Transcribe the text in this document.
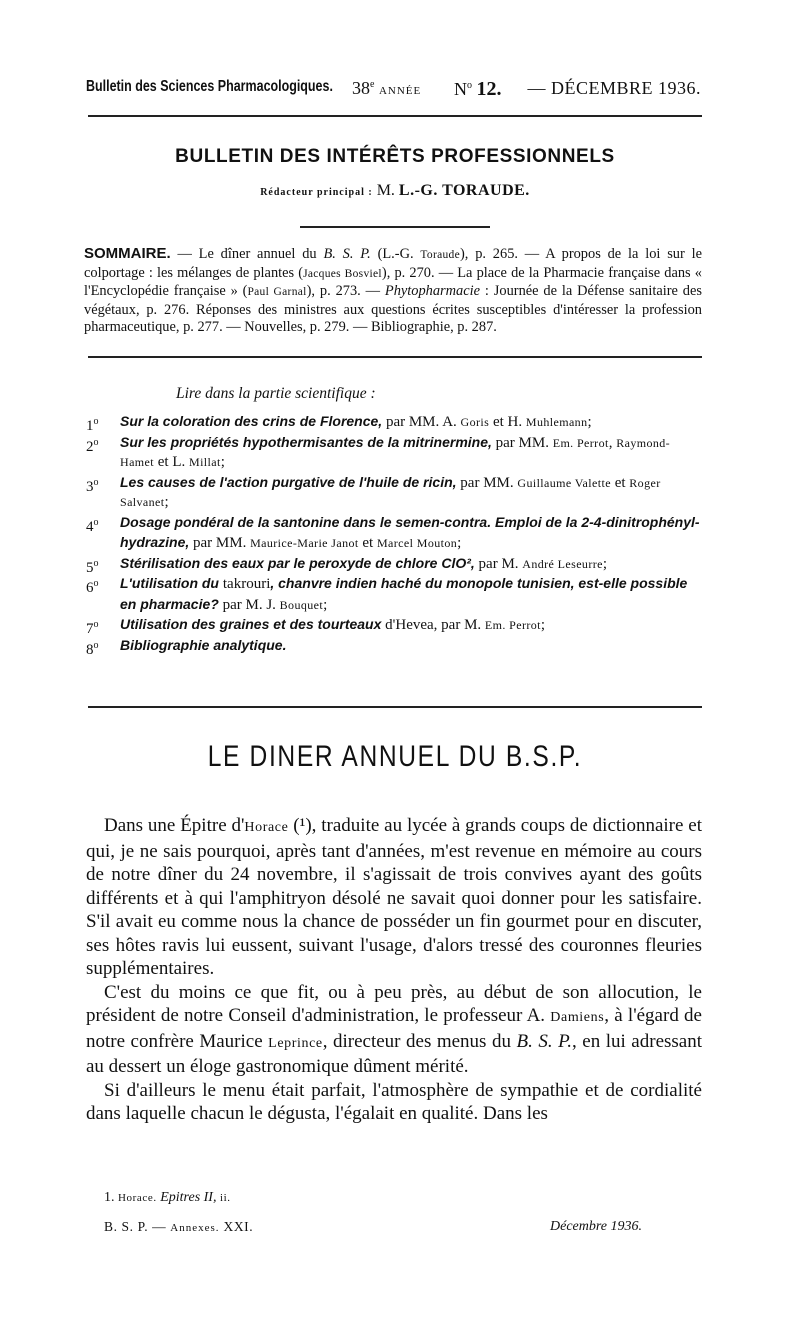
Bulletin des Sciences Pharmacologiques. 38e ANNÉE $N^o$ 12. — DÉCEMBRE 1936.
BULLETIN DES INTÉRÊTS PROFESSIONNELS
Rédacteur principal : M. L.-G. TORAUDE.
SOMMAIRE. — Le dîner annuel du B. S. P. (L.-G. Toraude), p. 265. — A propos de la loi sur le colportage : les mélanges de plantes (Jacques Bosviel), p. 270. — La place de la Pharmacie française dans « l'Encyclopédie française » (Paul Garnal), p. 273. — Phytopharmacie : Journée de la Défense sanitaire des végétaux, p. 276. Réponses des ministres aux questions écrites susceptibles d'intéresser la profession pharmaceutique, p. 277. — Nouvelles, p. 279. — Bibliographie, p. 287.
Lire dans la partie scientifique :
1$^o$ Sur la coloration des crins de Florence, par MM. A. Goris et H. Muhlemann;
2$^o$ Sur les propriétés hypothermisantes de la mitrinermine, par MM. Em. Perrot, Raymond-Hamet et L. Millat;
3$^o$ Les causes de l'action purgative de l'huile de ricin, par MM. Guillaume Valette et Roger Salvanet;
4$^o$ Dosage pondéral de la santonine dans le semen-contra. Emploi de la 2-4-dinitrophényl-hydrazine, par MM. Maurice-Marie Janot et Marcel Mouton;
5$^o$ Stérilisation des eaux par le peroxyde de chlore ClO², par M. André Leseurre;
6$^o$ L'utilisation du takrouri, chanvre indien haché du monopole tunisien, est-elle possible en pharmacie? par M. J. Bouquet;
7$^o$ Utilisation des graines et des tourteaux d'Hevea, par M. Em. Perrot;
8$^o$ Bibliographie analytique.
LE DINER ANNUEL DU B.S.P.

Dans une Épitre d'Horace (¹), traduite au lycée à grands coups de dictionnaire et qui, je ne sais pourquoi, après tant d'années, m'est revenue en mémoire au cours de notre dîner du 24 novembre, il s'agissait de trois convives ayant des goûts différents et à qui l'amphitryon désolé ne savait quoi donner pour les satisfaire. S'il avait eu comme nous la chance de posséder un fin gourmet pour en discuter, ses hôtes ravis lui eussent, suivant l'usage, d'alors tressé des couronnes fleuries supplémentaires.

C'est du moins ce que fit, ou à peu près, au début de son allocution, le président de notre Conseil d'administration, le professeur A. Damiens, à l'égard de notre confrère Maurice Leprince, directeur des menus du B. S. P., en lui adressant au dessert un éloge gastronomique dûment mérité.

Si d'ailleurs le menu était parfait, l'atmosphère de sympathie et de cordialité dans laquelle chacun le dégusta, l'égalait en qualité. Dans les

1. Horace. Epitres II, ii.
B. S. P. — Annexes. XXI.	Décembre 1936.
